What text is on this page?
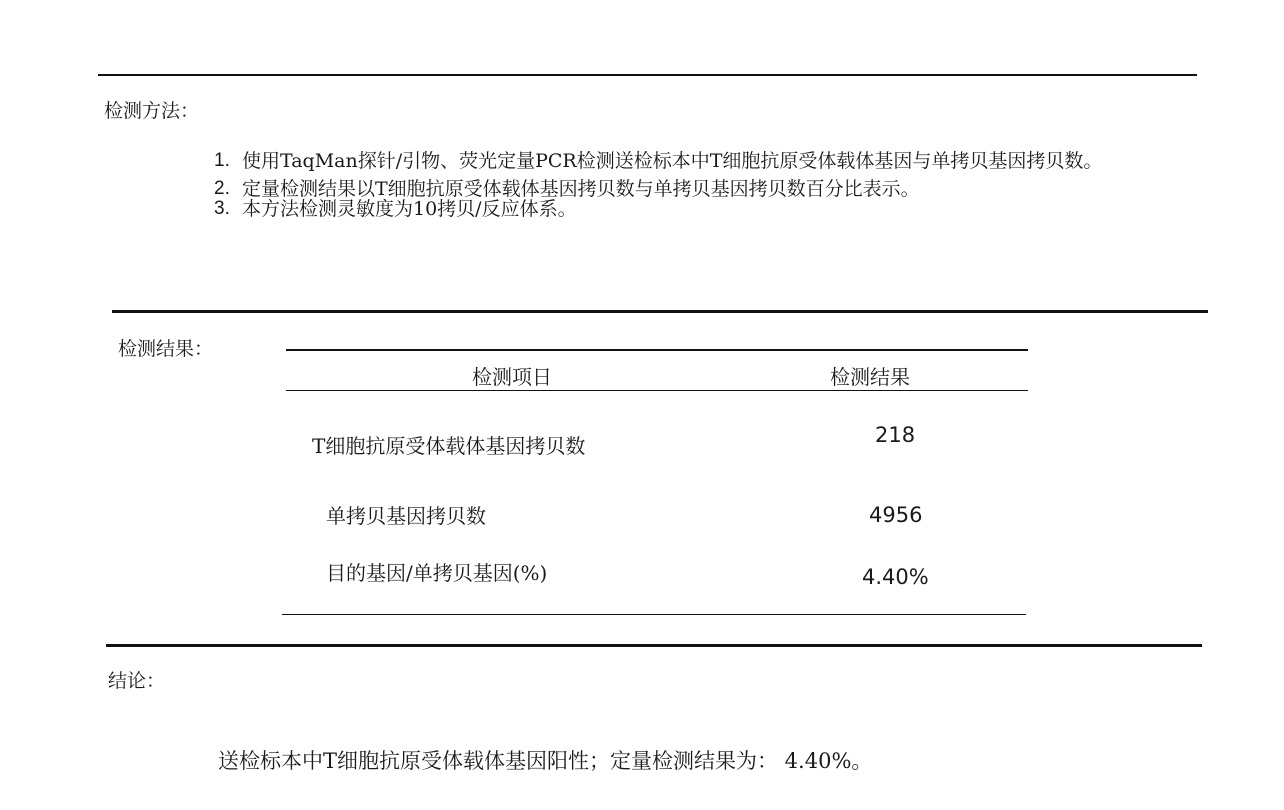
检测方法：
1. 使用TaqMan探针/引物、荧光定量PCR检测送检标本中T细胞抗原受体载体基因与单拷贝基因拷贝数。
2. 定量检测结果以T细胞抗原受体载体基因拷贝数与单拷贝基因拷贝数百分比表示。
3. 本方法检测灵敏度为10拷贝/反应体系。
检测结果：
检测项日	检测结果
T细胞抗原受体载体基因拷贝数	218
单拷贝基因拷贝数	4956
目的基因/单拷贝基因(%)	4.40%
结论：
送检标本中T细胞抗原受体载体基因阳性；定量检测结果为： 4.40%。
